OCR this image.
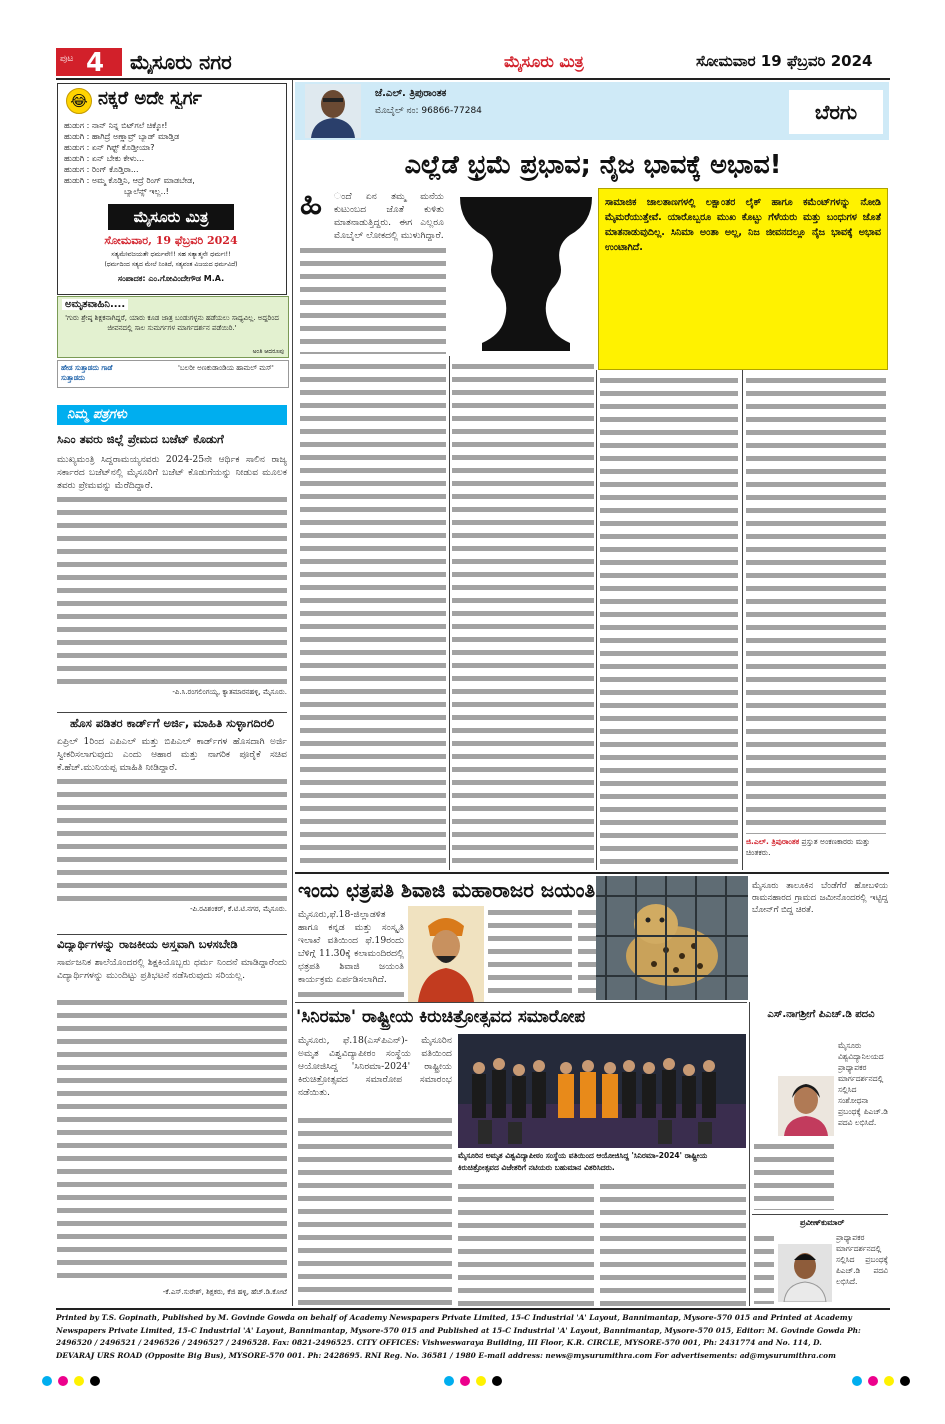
ಪುಟ 4 ಮೈಸೂರು ನಗರ	ಮೈಸೂರು ಮಿತ್ರ	ಸೋಮವಾರ 19 ಫೆಬ್ರವರಿ 2024
😂 ನಕ್ಕರೆ ಅದೇ ಸ್ವರ್ಗ
ಹುಡುಗ : ನಾನ್ ನಿನ್ನ ಬಿಟ್‌ಗಲೆ ಚಿಕ್ಕೋ!
ಹುಡುಗಿ : ಹಾಗಿದ್ರೆ ಅಣ್ಣಾವ್ರ್ ಬ್ಯಾಡ್ ಮಾಡ್ತಿಡ
ಹುಡುಗ : ಏನ್ ಗಿಫ್ಟ್ ಕೊಡ್ತೀಯಾ?
ಹುಡುಗಿ : ಏನ್ ಬೇಕು ಕೇಳು...
ಹುಡುಗ : ರಿಂಗ್ ಕೊಡ್ತಿರಾ...
ಹುಡುಗಿ : ಅಮ್ಮ ಕೊಡ್ತಿನಿ, ಆದ್ರೆ ರಿಂಗ್ ಮಾಡಬೇಡ,
ಬ್ಯಾಲೆನ್ಸ್ ಇಲ್ಲ..!
ಮೈಸೂರು ಮಿತ್ರ
ಸೋಮವಾರ, 19 ಫೆಬ್ರವರಿ 2024
ಸತ್ಯಮೇವಜಯತೇ ಧರ್ಮವೇ!! ಸಹ ಸತ್ಯಾತ್ಮನೇ ಧರ್ಮಃ!!
(ಧರ್ಮದಿಂದ ಸತ್ಯದ ಮೇಲೆ ನಿಂತಿದೆ, ಸತ್ಯವಂತ ವಿಜಯದ ಧರ್ಮವಿದೆ)
ಸಂಪಾದಕ: ಎಂ.ಗೋವಿಂದೇಗೌಡ M.A.
ಅಮೃತವಾಹಿನಿ....
'ಗುರು ಶ್ರೇಷ್ಠ ಶಿಕ್ಷಕನಾಗಿದ್ದರೆ, ಯಾರು ಕೂಡ ಜಾತ್ರ ಬಂಡುಗಳ್ಳನು ಹಡೆಯಲು ಸಾಧ್ಯವಿಲ್ಲ. ಅದ್ದರಿಂದ ಜೀವನದಲ್ಲಿ ಸಾಲ ಸುಮರ್ಗಗಳ ಮಾರ್ಗದರ್ಶನ ಪಡೆಯಿರಿ.'
ಅಂತಿ ಆದರೂಪು
ಹೇಡ ಸುತ್ತಾಡದು ಗಾಡೆ ಸುತ್ತಾಡದು
'ಬಲರೀ ಅಣಕುಡಾಂಡಿಯ ಹಾಮಲ್ ಮಸ್'
ನಿಮ್ಮ ಪತ್ರಗಳು
ಸಿಎಂ ತವರು ಜಿಲ್ಲೆ ಪ್ರೇಮದ ಬಜೆಟ್ ಕೊಡುಗೆ
ಮುಖ್ಯಮಂತ್ರಿ ಸಿದ್ದರಾಮಯ್ಯನವರು 2024-25ನೇ ಆರ್ಥಿಕ ಸಾಲಿನ ರಾಜ್ಯ ಸರ್ಕಾರದ ಬಜೆಟ್‌ನಲ್ಲಿ ಮೈಸೂರಿಗೆ ಬಜೆಟ್ ಕೊಡುಗೆಯನ್ನು ನೀಡುವ ಮೂಲಕ ತವರು ಪ್ರೇಮವನ್ನು ಮೆರೆದಿದ್ದಾರೆ.
-ಪಿ.ಸಿ.ರಂಗಲಿಂಗಯ್ಯ, ಕ್ಯಾತಮಾರನಹಳ್ಳಿ, ಮೈಸೂರು.
ಹೊಸ ಪಡಿತರ ಕಾರ್ಡ್‌ಗೆ ಅರ್ಜಿ, ಮಾಹಿತಿ ಸುಳ್ಳಾಗದಿರಲಿ
ಏಪ್ರಿಲ್ 1ರಿಂದ ಎಪಿಎಲ್ ಮತ್ತು ಬಿಪಿಎಲ್ ಕಾರ್ಡ್‌ಗಳ ಹೊಸದಾಗಿ ಅರ್ಜಿ ಸ್ವೀಕರಿಸಲಾಗುವುದು ಎಂದು ಆಹಾರ ಮತ್ತು ನಾಗರಿಕ ಪೂರೈಕೆ ಸಚಿವ ಕೆ.ಹೆಚ್.ಮುನಿಯಪ್ಪ ಮಾಹಿತಿ ನೀಡಿದ್ದಾರೆ.
-ಪಿ.ರವಿಶಂಕರ್, ಕೆ.ಟಿ.ಟಿ.ನಗರ, ಮೈಸೂರು.
ವಿದ್ಯಾರ್ಥಿಗಳನ್ನು ರಾಜಕೀಯ ಅಸ್ತ್ರವಾಗಿ ಬಳಸಬೇಡಿ
ಸಾರ್ವಜನಿಕ ಶಾಲೆಯೊಂದರಲ್ಲಿ ಶಿಕ್ಷಕಿಯೊಬ್ಬರು ಧರ್ಮ ನಿಂದನೆ ಮಾಡಿದ್ದಾರೆಂದು ವಿದ್ಯಾರ್ಥಿಗಳನ್ನು ಮುಂದಿಟ್ಟು ಪ್ರತಿಭಟನೆ ನಡೆಸಿರುವುದು ಸರಿಯಲ್ಲ.
-ಕೆ.ಎಸ್.ಸುರೇಶ್, ಶಿಕ್ಷಕರು, ಕೆಜಿ ಹಳ್ಳಿ, ಹೆಚ್.ಡಿ.ಕೋಟೆ
ಜೆ.ಎಲ್. ತ್ರಿಪುರಾಂತಕ
ಮೊಬೈಲ್ ನಂ: 96866-77284	ಬೆರಗು
ಎಲ್ಲೆಡೆ ಭ್ರಮೆ ಪ್ರಭಾವ; ನೈಜ ಭಾವಕ್ಕೆ ಅಭಾವ!
ಹಿ ಂದೆ ಏನ ತಮ್ಮ ಮನೆಯ ಕುಟುಂಬದ ಜೊತೆ ಕುಳಿತು ಮಾತನಾಡುತ್ತಿದ್ದರು. ಈಗ ಎಲ್ಲರೂ ಮೊಬೈಲ್ ಲೋಕದಲ್ಲಿ ಮುಳುಗಿದ್ದಾರೆ.
ಸಾಮಾಜಿಕ ಜಾಲತಾಣಗಳಲ್ಲಿ ಲಕ್ಷಾಂತರ ಲೈಕ್ ಹಾಗೂ ಕಮೆಂಟ್‌ಗಳನ್ನು ನೋಡಿ ಮೈಮರೆಯುತ್ತೇವೆ. ಯಾರೊಬ್ಬರೂ ಮುಖ ಕೊಟ್ಟು ಗೆಳೆಯರು ಮತ್ತು ಬಂಧುಗಳ ಜೊತೆ ಮಾತನಾಡುವುದಿಲ್ಲ. ಸಿನಿಮಾ ಅಂತಾ ಅಲ್ಲ, ನಿಜ ಜೀವನದಲ್ಲೂ ನೈಜ ಭಾವಕ್ಕೆ ಅಭಾವ ಉಂಟಾಗಿದೆ.
ಜಿ.ಎಲ್. ತ್ರಿಪುರಾಂತಕ ಪ್ರಸ್ತುತ ಅಂಕಣಕಾರರು ಮತ್ತು ಚಿಂತಕರು.
ಇಂದು ಛತ್ರಪತಿ ಶಿವಾಜಿ ಮಹಾರಾಜರ ಜಯಂತಿ
ಮೈಸೂರು,ಫೆ.18-ಜಿಲ್ಲಾಡಳಿತ ಹಾಗೂ ಕನ್ನಡ ಮತ್ತು ಸಂಸ್ಕೃತಿ ಇಲಾಖೆ ವತಿಯಿಂದ ಫೆ.19ರಂದು ಬೆಳಿಗ್ಗೆ 11.30ಕ್ಕೆ ಕಲಾಮಂದಿರದಲ್ಲಿ ಛತ್ರಪತಿ ಶಿವಾಜಿ ಜಯಂತಿ ಕಾರ್ಯಕ್ರಮ ಏರ್ಪಡಿಸಲಾಗಿದೆ.
ಮೈಸೂರು ತಾಲೂಕಿನ ಬೆಂಡೆಗೆರೆ ಹೋಬಳಿಯ ರಾಮನಹಾರದ ಗ್ರಾಮದ ಜಮೀನೊಂದರಲ್ಲಿ ಇಟ್ಟಿದ್ದ ಬೋನ್‌ಗೆ ಬಿದ್ದ ಚಿರತೆ.
'ಸಿನಿರಮಾ' ರಾಷ್ಟ್ರೀಯ ಕಿರುಚಿತ್ರೋತ್ಸವದ ಸಮಾರೋಪ
ಮೈಸೂರು, ಫೆ.18(ಎಸ್‌ಪಿಎನ್)- ಮೈಸೂರಿನ ಅಮೃತ ವಿಶ್ವವಿದ್ಯಾಪೀಠಂ ಸಂಸ್ಥೆಯ ವತಿಯಿಂದ ಆಯೋಜಿಸಿದ್ದ 'ಸಿನಿರಮಾ-2024' ರಾಷ್ಟ್ರೀಯ ಕಿರುಚಿತ್ರೋತ್ಸವದ ಸಮಾರೋಪ ಸಮಾರಂಭ ನಡೆಯಿತು.
ಮೈಸೂರಿನ ಅಮೃತ ವಿಶ್ವವಿದ್ಯಾಪೀಠಂ ಸಂಸ್ಥೆಯ ವತಿಯಿಂದ ಆಯೋಜಿಸಿದ್ದ 'ಸಿನಿರಮಾ-2024' ರಾಷ್ಟ್ರೀಯ ಕಿರುಚಿತ್ರೋತ್ಸವದ ವಿಜೇತರಿಗೆ ನಟಿಯರು ಬಹುಮಾನ ವಿತರಿಸಿದರು.
ಎಸ್.ನಾಗಶ್ರೀಗೆ ಪಿಎಚ್.ಡಿ ಪದವಿ
ಮೈಸೂರು ವಿಶ್ವವಿದ್ಯಾನಿಲಯದ ಪ್ರಾಧ್ಯಾಪಕರ ಮಾರ್ಗದರ್ಶನದಲ್ಲಿ ಸಲ್ಲಿಸಿದ ಸಂಶೋಧನಾ ಪ್ರಬಂಧಕ್ಕೆ ಪಿಎಚ್.ಡಿ ಪದವಿ ಲಭಿಸಿದೆ.
ಪ್ರವೀಣ್‌ಕುಮಾರ್
ಪ್ರಾಧ್ಯಾಪಕರ ಮಾರ್ಗದರ್ಶನದಲ್ಲಿ ಸಲ್ಲಿಸಿದ ಪ್ರಬಂಧಕ್ಕೆ ಪಿಎಚ್.ಡಿ ಪದವಿ ಲಭಿಸಿದೆ.
Printed by T.S. Gopinath, Published by M. Govinde Gowda on behalf of Academy Newspapers Private Limited, 15-C Industrial 'A' Layout, Bannimantap, Mysore-570 015 and Printed at Academy
Newspapers Private Limited, 15-C Industrial 'A' Layout, Bannimantap, Mysore-570 015 and Published at 15-C Industrial 'A' Layout, Bannimantap, Mysore-570 015, Editor: M. Govinde Gowda Ph:
2496520 / 2496521 / 2496526 / 2496527 / 2496528. Fax: 0821-2496525. CITY OFFICES: Vishweswaraya Building, III Floor, K.R. CIRCLE, MYSORE-570 001, Ph: 2431774 and No. 114, D.
DEVARAJ URS ROAD (Opposite Big Bus), MYSORE-570 001. Ph: 2428695. RNI Reg. No. 36581 / 1980 E-mail address: news@mysurumithra.com For advertisements: ad@mysurumithra.com
